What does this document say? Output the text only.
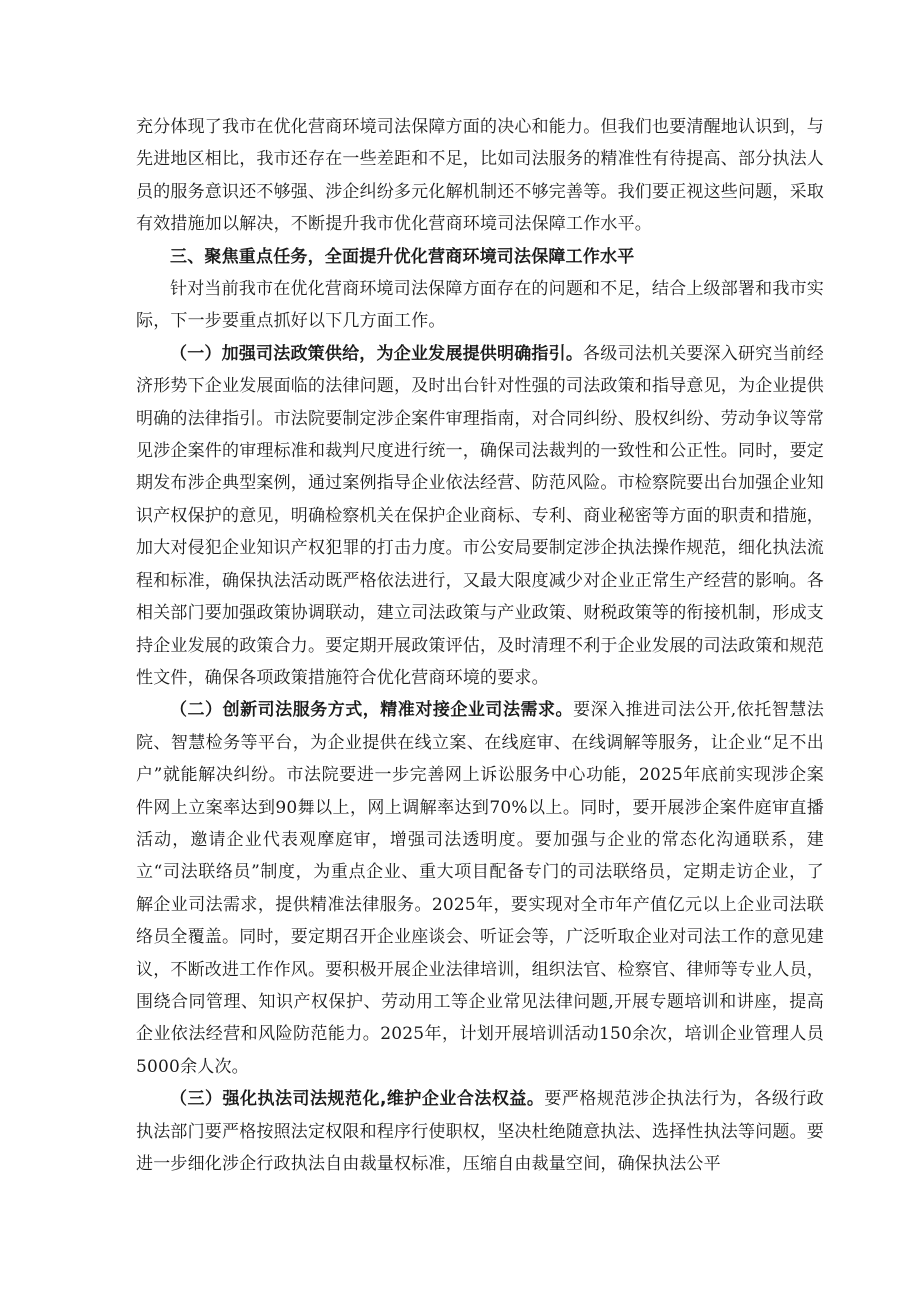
充分体现了我市在优化营商环境司法保障方面的决心和能力。但我们也要清醒地认识到，与先进地区相比，我市还存在一些差距和不足，比如司法服务的精准性有待提高、部分执法人员的服务意识还不够强、涉企纠纷多元化解机制还不够完善等。我们要正视这些问题，采取有效措施加以解决，不断提升我市优化营商环境司法保障工作水平。

三、聚焦重点任务，全面提升优化营商环境司法保障工作水平

针对当前我市在优化营商环境司法保障方面存在的问题和不足，结合上级部署和我市实际，下一步要重点抓好以下几方面工作。

（一）加强司法政策供给，为企业发展提供明确指引。各级司法机关要深入研究当前经济形势下企业发展面临的法律问题，及时出台针对性强的司法政策和指导意见，为企业提供明确的法律指引。市法院要制定涉企案件审理指南，对合同纠纷、股权纠纷、劳动争议等常见涉企案件的审理标准和裁判尺度进行统一，确保司法裁判的一致性和公正性。同时，要定期发布涉企典型案例，通过案例指导企业依法经营、防范风险。市检察院要出台加强企业知识产权保护的意见，明确检察机关在保护企业商标、专利、商业秘密等方面的职责和措施，加大对侵犯企业知识产权犯罪的打击力度。市公安局要制定涉企执法操作规范，细化执法流程和标准，确保执法活动既严格依法进行，又最大限度减少对企业正常生产经营的影响。各相关部门要加强政策协调联动，建立司法政策与产业政策、财税政策等的衔接机制，形成支持企业发展的政策合力。要定期开展政策评估，及时清理不利于企业发展的司法政策和规范性文件，确保各项政策措施符合优化营商环境的要求。

（二）创新司法服务方式，精准对接企业司法需求。要深入推进司法公开,依托智慧法院、智慧检务等平台，为企业提供在线立案、在线庭审、在线调解等服务，让企业“足不出户”就能解决纠纷。市法院要进一步完善网上诉讼服务中心功能，2025年底前实现涉企案件网上立案率达到90舞以上，网上调解率达到70%以上。同时，要开展涉企案件庭审直播活动，邀请企业代表观摩庭审，增强司法透明度。要加强与企业的常态化沟通联系，建立“司法联络员”制度，为重点企业、重大项目配备专门的司法联络员，定期走访企业，了解企业司法需求，提供精准法律服务。2025年，要实现对全市年产值亿元以上企业司法联络员全覆盖。同时，要定期召开企业座谈会、听证会等，广泛听取企业对司法工作的意见建议，不断改进工作作风。要积极开展企业法律培训，组织法官、检察官、律师等专业人员，围绕合同管理、知识产权保护、劳动用工等企业常见法律问题,开展专题培训和讲座，提高企业依法经营和风险防范能力。2025年，计划开展培训活动150余次，培训企业管理人员5000余人次。

（三）强化执法司法规范化,维护企业合法权益。要严格规范涉企执法行为，各级行政执法部门要严格按照法定权限和程序行使职权，坚决杜绝随意执法、选择性执法等问题。要进一步细化涉企行政执法自由裁量权标准，压缩自由裁量空间，确保执法公平
